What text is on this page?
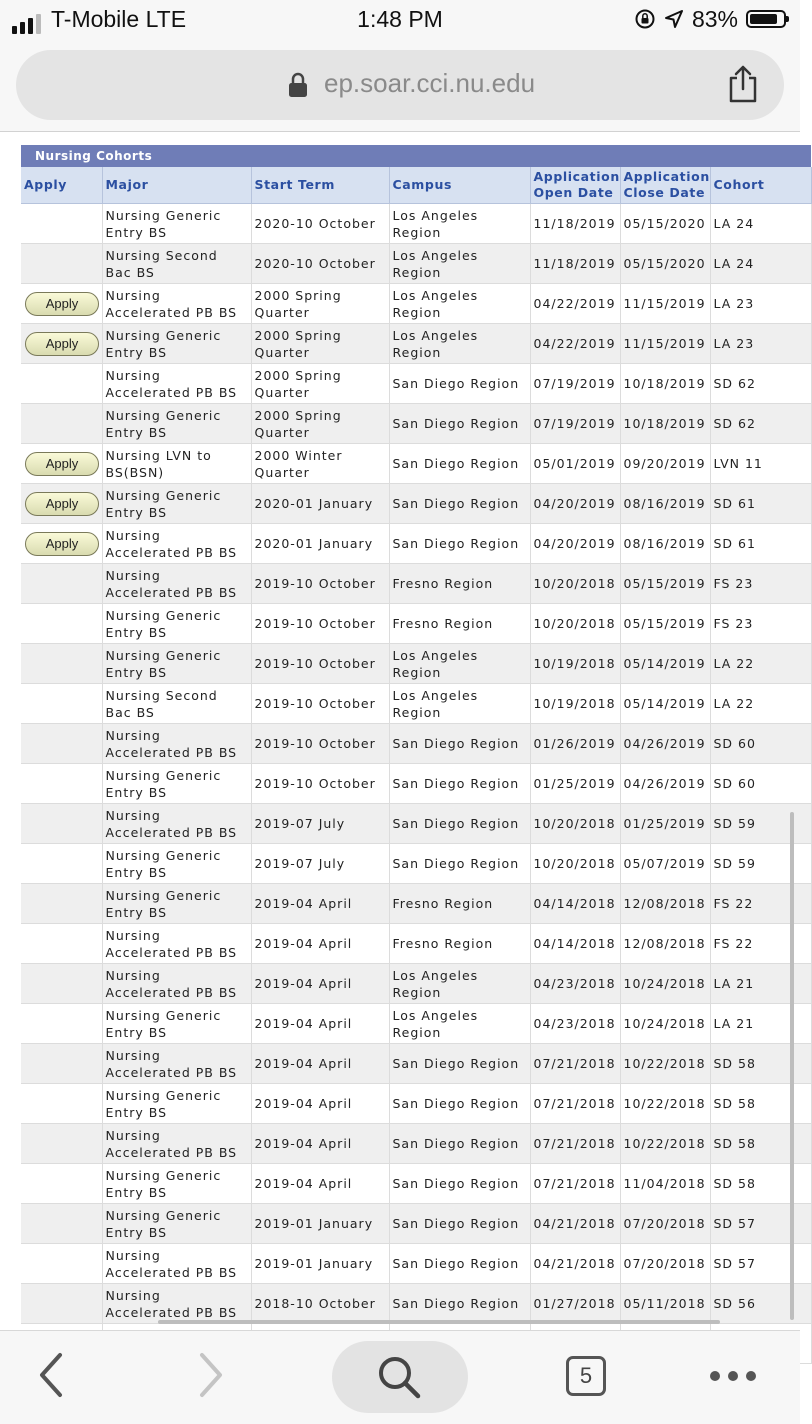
T-Mobile LTE	1:48 PM	83%
ep.soar.cci.nu.edu
Nursing Cohorts
Apply	Major	Start Term	Campus	Application Open Date	Application Close Date	Cohort
	Nursing Generic Entry BS	2020-10 October	Los Angeles Region	11/18/2019	05/15/2020	LA 24
	Nursing Second Bac BS	2020-10 October	Los Angeles Region	11/18/2019	05/15/2020	LA 24
Apply	Nursing Accelerated PB BS	2000 Spring Quarter	Los Angeles Region	04/22/2019	11/15/2019	LA 23
Apply	Nursing Generic Entry BS	2000 Spring Quarter	Los Angeles Region	04/22/2019	11/15/2019	LA 23
	Nursing Accelerated PB BS	2000 Spring Quarter	San Diego Region	07/19/2019	10/18/2019	SD 62
	Nursing Generic Entry BS	2000 Spring Quarter	San Diego Region	07/19/2019	10/18/2019	SD 62
Apply	Nursing LVN to BS(BSN)	2000 Winter Quarter	San Diego Region	05/01/2019	09/20/2019	LVN 11
Apply	Nursing Generic Entry BS	2020-01 January	San Diego Region	04/20/2019	08/16/2019	SD 61
Apply	Nursing Accelerated PB BS	2020-01 January	San Diego Region	04/20/2019	08/16/2019	SD 61
	Nursing Accelerated PB BS	2019-10 October	Fresno Region	10/20/2018	05/15/2019	FS 23
	Nursing Generic Entry BS	2019-10 October	Fresno Region	10/20/2018	05/15/2019	FS 23
	Nursing Generic Entry BS	2019-10 October	Los Angeles Region	10/19/2018	05/14/2019	LA 22
	Nursing Second Bac BS	2019-10 October	Los Angeles Region	10/19/2018	05/14/2019	LA 22
	Nursing Accelerated PB BS	2019-10 October	San Diego Region	01/26/2019	04/26/2019	SD 60
	Nursing Generic Entry BS	2019-10 October	San Diego Region	01/25/2019	04/26/2019	SD 60
	Nursing Accelerated PB BS	2019-07 July	San Diego Region	10/20/2018	01/25/2019	SD 59
	Nursing Generic Entry BS	2019-07 July	San Diego Region	10/20/2018	05/07/2019	SD 59
	Nursing Generic Entry BS	2019-04 April	Fresno Region	04/14/2018	12/08/2018	FS 22
	Nursing Accelerated PB BS	2019-04 April	Fresno Region	04/14/2018	12/08/2018	FS 22
	Nursing Accelerated PB BS	2019-04 April	Los Angeles Region	04/23/2018	10/24/2018	LA 21
	Nursing Generic Entry BS	2019-04 April	Los Angeles Region	04/23/2018	10/24/2018	LA 21
	Nursing Accelerated PB BS	2019-04 April	San Diego Region	07/21/2018	10/22/2018	SD 58
	Nursing Generic Entry BS	2019-04 April	San Diego Region	07/21/2018	10/22/2018	SD 58
	Nursing Accelerated PB BS	2019-04 April	San Diego Region	07/21/2018	10/22/2018	SD 58
	Nursing Generic Entry BS	2019-04 April	San Diego Region	07/21/2018	11/04/2018	SD 58
	Nursing Generic Entry BS	2019-01 January	San Diego Region	04/21/2018	07/20/2018	SD 57
	Nursing Accelerated PB BS	2019-01 January	San Diego Region	04/21/2018	07/20/2018	SD 57
	Nursing Accelerated PB BS	2018-10 October	San Diego Region	01/27/2018	05/11/2018	SD 56

5
